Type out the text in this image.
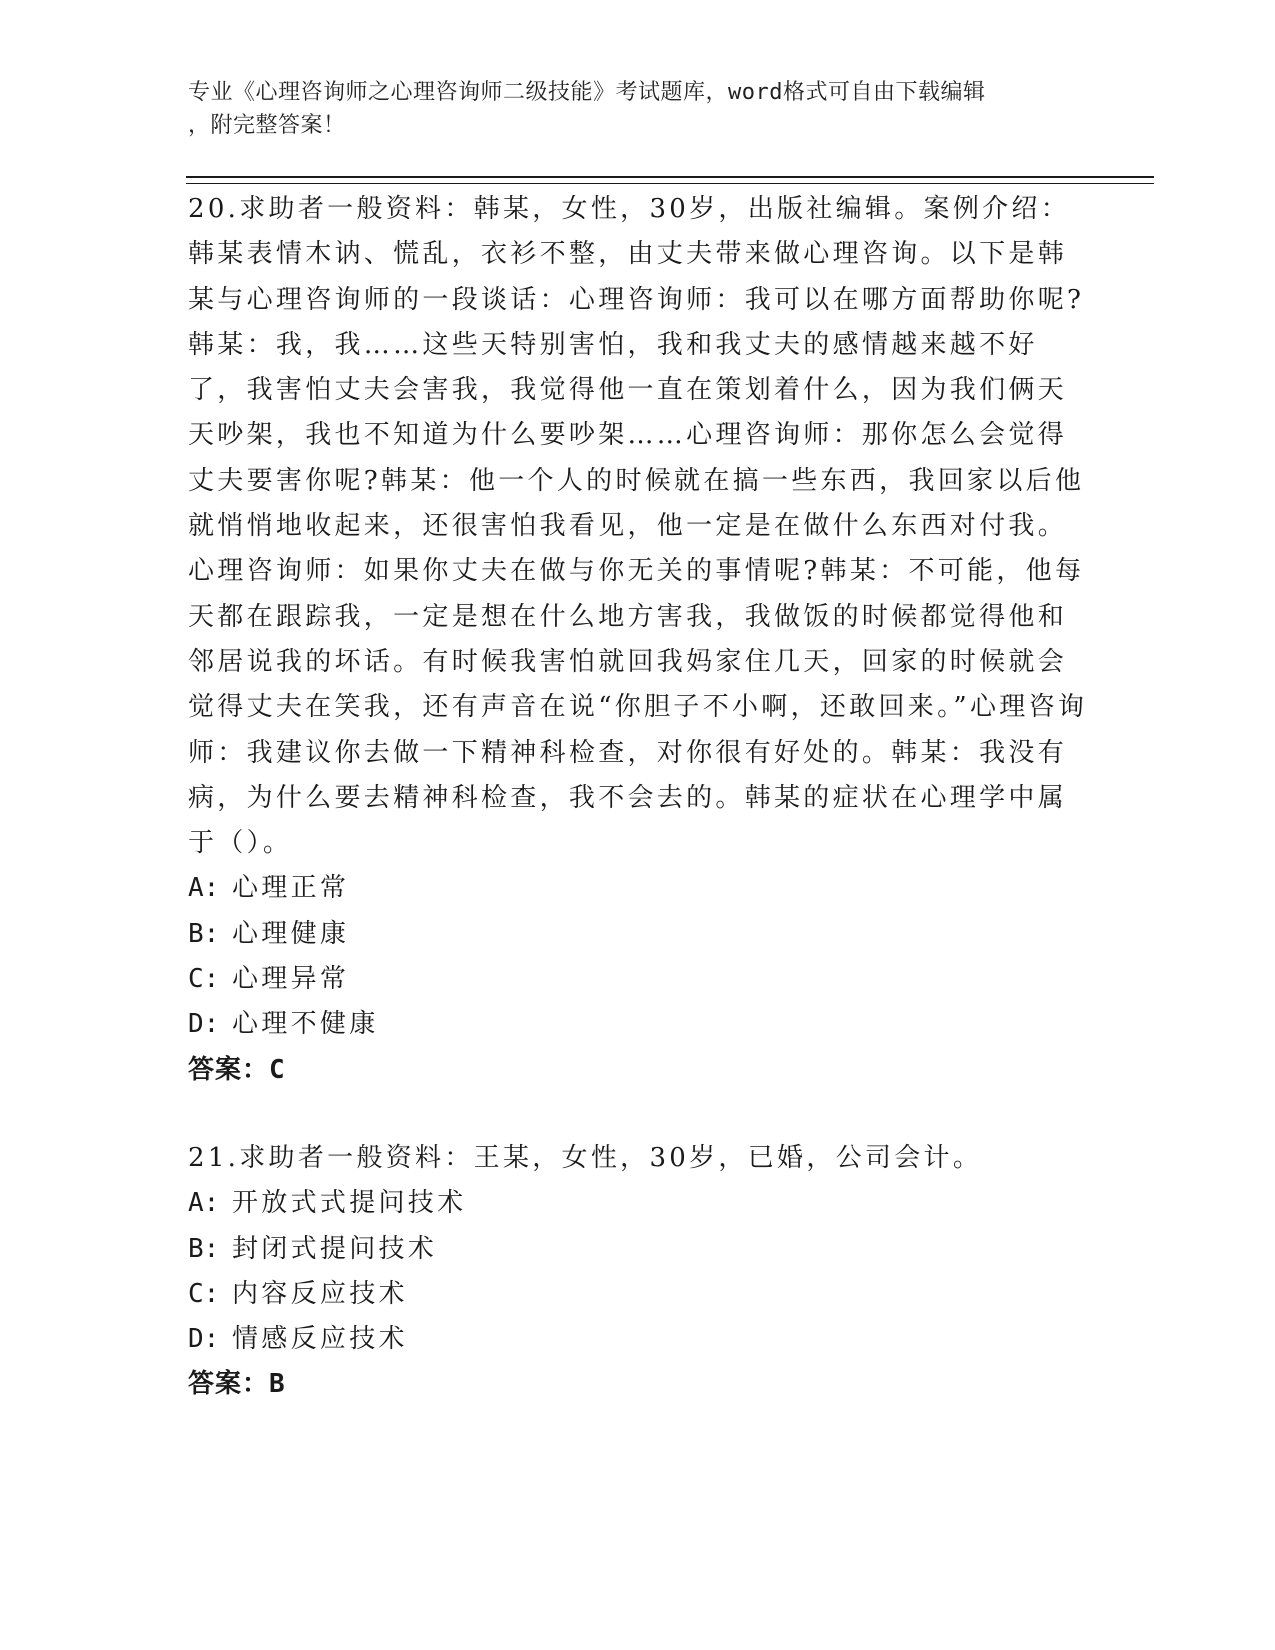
专业《心理咨询师之心理咨询师二级技能》考试题库，word格式可自由下载编辑
，附完整答案！

20.求助者一般资料：韩某，女性，30岁，出版社编辑。案例介绍：韩某表情木讷、慌乱，衣衫不整，由丈夫带来做心理咨询。以下是韩某与心理咨询师的一段谈话：心理咨询师：我可以在哪方面帮助你呢?韩某：我，我……这些天特别害怕，我和我丈夫的感情越来越不好了，我害怕丈夫会害我，我觉得他一直在策划着什么，因为我们俩天天吵架，我也不知道为什么要吵架……心理咨询师：那你怎么会觉得丈夫要害你呢?韩某：他一个人的时候就在搞一些东西，我回家以后他就悄悄地收起来，还很害怕我看见，他一定是在做什么东西对付我。心理咨询师：如果你丈夫在做与你无关的事情呢?韩某：不可能，他每天都在跟踪我，一定是想在什么地方害我，我做饭的时候都觉得他和邻居说我的坏话。有时候我害怕就回我妈家住几天，回家的时候就会觉得丈夫在笑我，还有声音在说“你胆子不小啊，还敢回来。”心理咨询师：我建议你去做一下精神科检查，对你很有好处的。韩某：我没有病，为什么要去精神科检查，我不会去的。韩某的症状在心理学中属于（）。

A: 心理正常
B: 心理健康
C: 心理异常
D: 心理不健康
答案：C

21.求助者一般资料：王某，女性，30岁，已婚，公司会计。

A: 开放式式提问技术
B: 封闭式提问技术
C: 内容反应技术
D: 情感反应技术
答案：B
